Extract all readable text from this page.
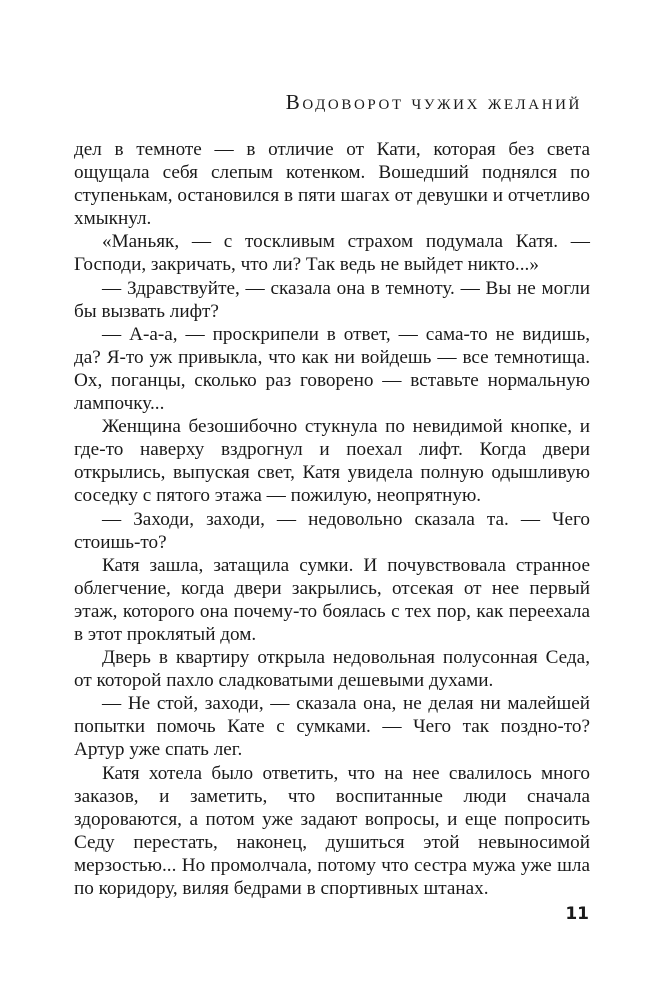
Водоворот чужих желаний

дел в темноте — в отличие от Кати, которая без света ощущала себя слепым котенком. Вошедший поднялся по ступенькам, остановился в пяти шагах от девушки и отчетливо хмыкнул.

«Маньяк, — с тоскливым страхом подумала Катя. — Господи, закричать, что ли? Так ведь не выйдет никто...»

— Здравствуйте, — сказала она в темноту. — Вы не могли бы вызвать лифт?

— А-а-а, — проскрипели в ответ, — сама-то не видишь, да? Я-то уж привыкла, что как ни войдешь — все темнотища. Ох, поганцы, сколько раз говорено — вставьте нормальную лампочку...

Женщина безошибочно стукнула по невидимой кнопке, и где-то наверху вздрогнул и поехал лифт. Когда двери открылись, выпуская свет, Катя увидела полную одышливую соседку с пятого этажа — пожилую, неопрятную.

— Заходи, заходи, — недовольно сказала та. — Чего стоишь-то?

Катя зашла, затащила сумки. И почувствовала странное облегчение, когда двери закрылись, отсекая от нее первый этаж, которого она почему-то боялась с тех пор, как переехала в этот проклятый дом.

Дверь в квартиру открыла недовольная полусонная Седа, от которой пахло сладковатыми дешевыми духами.

— Не стой, заходи, — сказала она, не делая ни малейшей попытки помочь Кате с сумками. — Чего так поздно-то? Артур уже спать лег.

Катя хотела было ответить, что на нее свалилось много заказов, и заметить, что воспитанные люди сначала здороваются, а потом уже задают вопросы, и еще попросить Седу перестать, наконец, душиться этой невыносимой мерзостью... Но промолчала, потому что сестра мужа уже шла по коридору, виляя бедрами в спортивных штанах.

11
